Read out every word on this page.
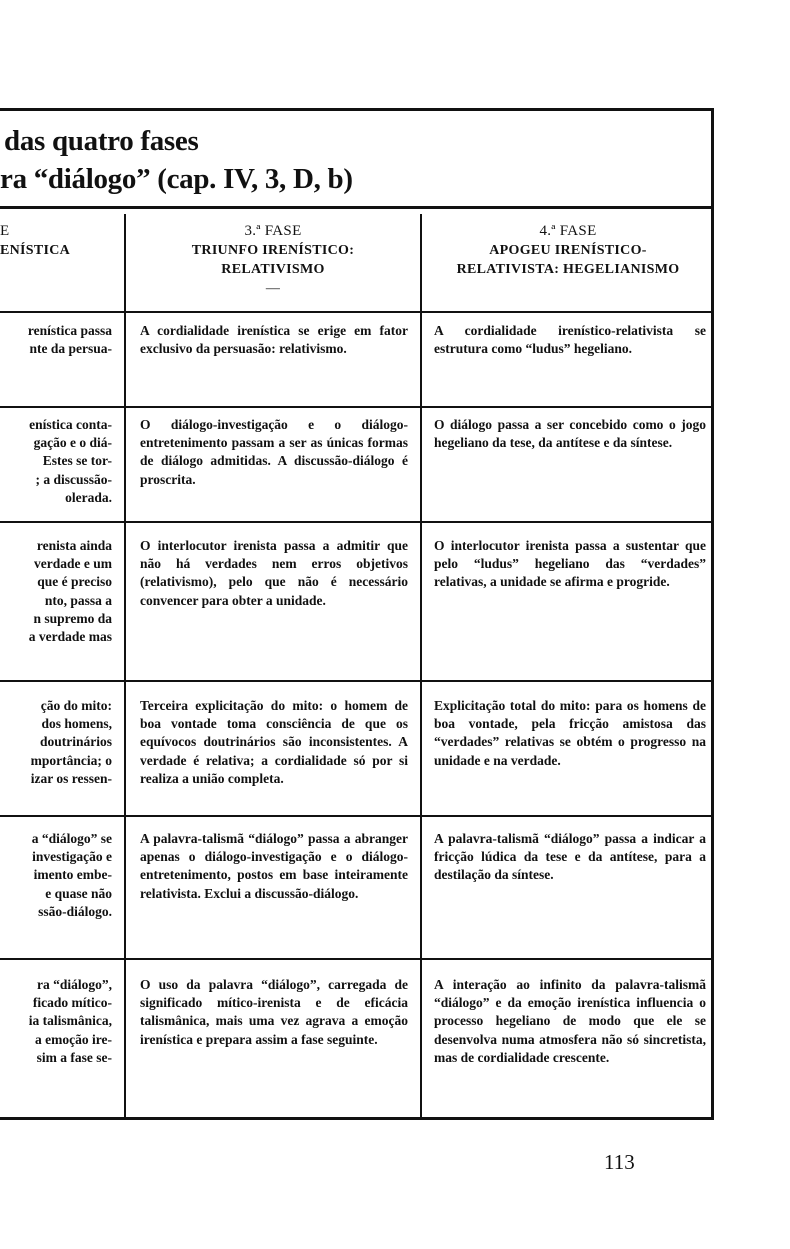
das quatro fases
ra “diálogo” (cap. IV, 3, D, b)
E
ENÍSTICA
3.ª FASE
TRIUNFO IRENÍSTICO: RELATIVISMO
—
4.ª FASE
APOGEU IRENÍSTICO-RELATIVISTA: HEGELIANISMO
renística passa
nte da persua-
A cordialidade irenística se erige em fator exclusivo da persuasão: relativismo.
A cordialidade irenístico-relativista se estrutura como “ludus” hegeliano.
enística conta-
gação e o diá-
Estes se tor-
; a discussão-
olerada.
O diálogo-investigação e o diálogo-entretenimento passam a ser as únicas formas de diálogo admitidas. A discussão-diálogo é proscrita.
O diálogo passa a ser concebido como o jogo hegeliano da tese, da antítese e da síntese.
renista ainda
verdade e um
que é preciso
nto, passa a
n supremo da
a verdade mas
O interlocutor irenista passa a admitir que não há verdades nem erros objetivos (relativismo), pelo que não é necessário convencer para obter a unidade.
O interlocutor irenista passa a sustentar que pelo “ludus” hegeliano das “verdades” relativas, a unidade se afirma e progride.
ção do mito:
dos homens,
doutrinários
mportância; o
izar os ressen-
Terceira explicitação do mito: o homem de boa vontade toma consciência de que os equívocos doutrinários são inconsistentes. A verdade é relativa; a cordialidade só por si realiza a união completa.
Explicitação total do mito: para os homens de boa vontade, pela fricção amistosa das “verdades” relativas se obtém o progresso na unidade e na verdade.
a “diálogo” se
investigação e
imento embe-
e quase não
ssão-diálogo.
A palavra-talismã “diálogo” passa a abranger apenas o diálogo-investigação e o diálogo-entretenimento, postos em base inteiramente relativista. Exclui a discussão-diálogo.
A palavra-talismã “diálogo” passa a indicar a fricção lúdica da tese e da antítese, para a destilação da síntese.
ra “diálogo”,
ficado mítico-
ia talismânica,
a emoção ire-
sim a fase se-
O uso da palavra “diálogo”, carregada de significado mítico-irenista e de eficácia talismânica, mais uma vez agrava a emoção irenística e prepara assim a fase seguinte.
A interação ao infinito da palavra-talismã “diálogo” e da emoção irenística influencia o processo hegeliano de modo que ele se desenvolva numa atmosfera não só sincretista, mas de cordialidade crescente.
113
